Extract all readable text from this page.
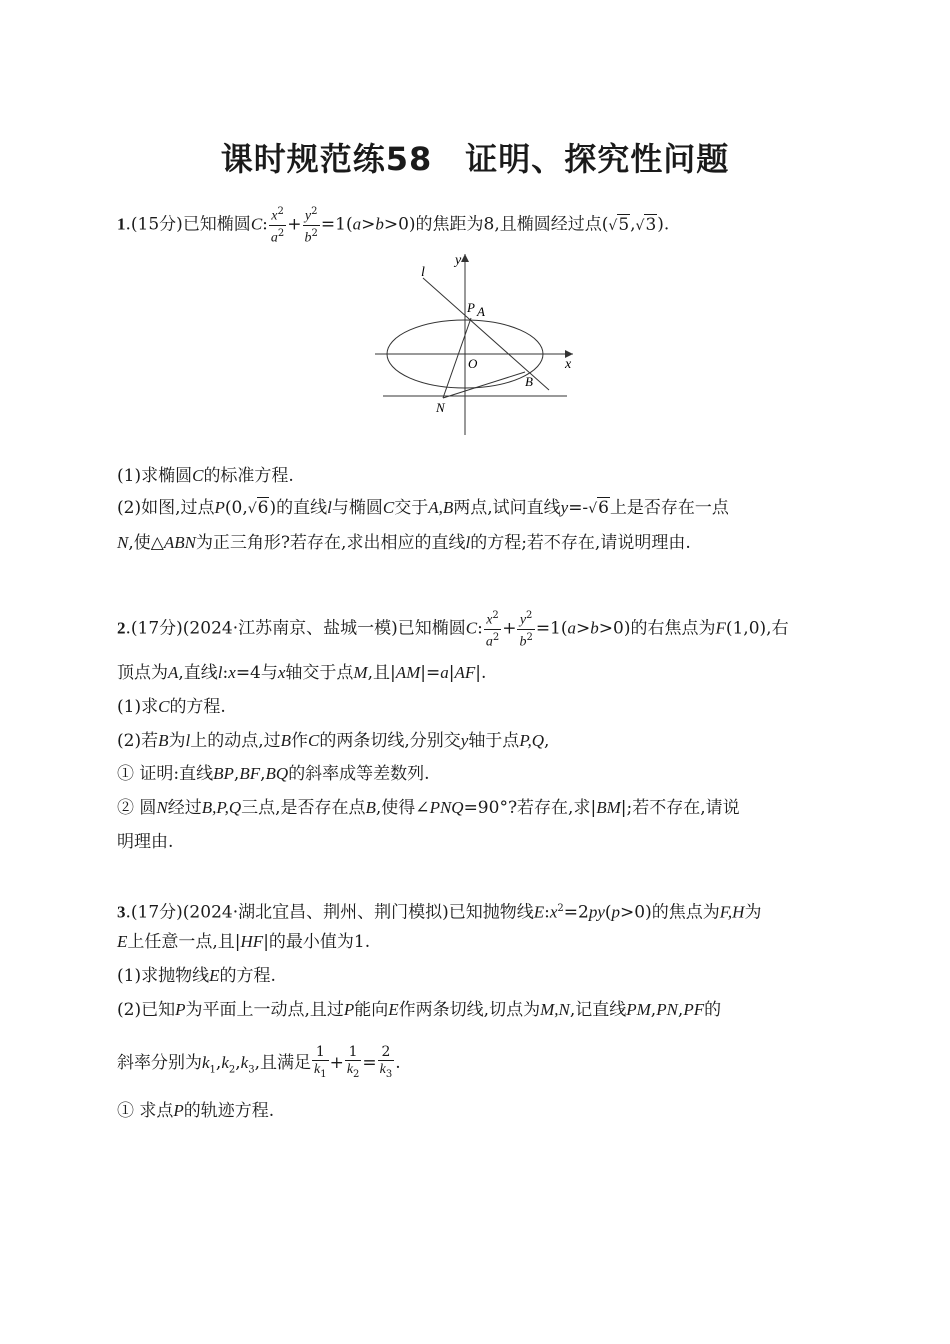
课时规范练58　证明、探究性问题
1.(15分)已知椭圆C: $\frac{x^2}{a^2} + \frac{y^2}{b^2} =1(a>b>0)$的焦距为8,且椭圆经过点(√5,√3).
l
y
P A
O	x
B
N
(1)求椭圆C的标准方程.
(2)如图,过点P(0,√6)的直线l与椭圆C交于A,B两点,试问直线y=-√6上是否存在一点
N,使△ABN为正三角形?若存在,求出相应的直线l的方程;若不存在,请说明理由.
2.(17分)(2024·江苏南京、盐城一模)已知椭圆C: $\frac{x^2}{a^2} + \frac{y^2}{b^2} =1(a>b>0)$的右焦点为F(1,0),右
顶点为A,直线l:x=4与x轴交于点M,且|AM|=a|AF|.
(1)求C的方程.
(2)若B为l上的动点,过B作C的两条切线,分别交y轴于点P,Q,
① 证明:直线BP,BF,BQ的斜率成等差数列.
② 圆N经过B,P,Q三点,是否存在点B,使得∠PNQ=90°?若存在,求|BM|;若不存在,请说
明理由.
3.(17分)(2024·湖北宜昌、荆州、荆门模拟)已知抛物线$E:x^2=2py(p>0)$的焦点为F,H为
E上任意一点,且|HF|的最小值为1.
(1)求抛物线E的方程.
(2)已知P为平面上一动点,且过P能向E作两条切线,切点为M,N,记直线PM,PN,PF的
斜率分别为$k_1,k_2,k_3$,且满足 $\frac{1}{k_1} + \frac{1}{k_2} = \frac{2}{k_3}$ .
① 求点P的轨迹方程.
